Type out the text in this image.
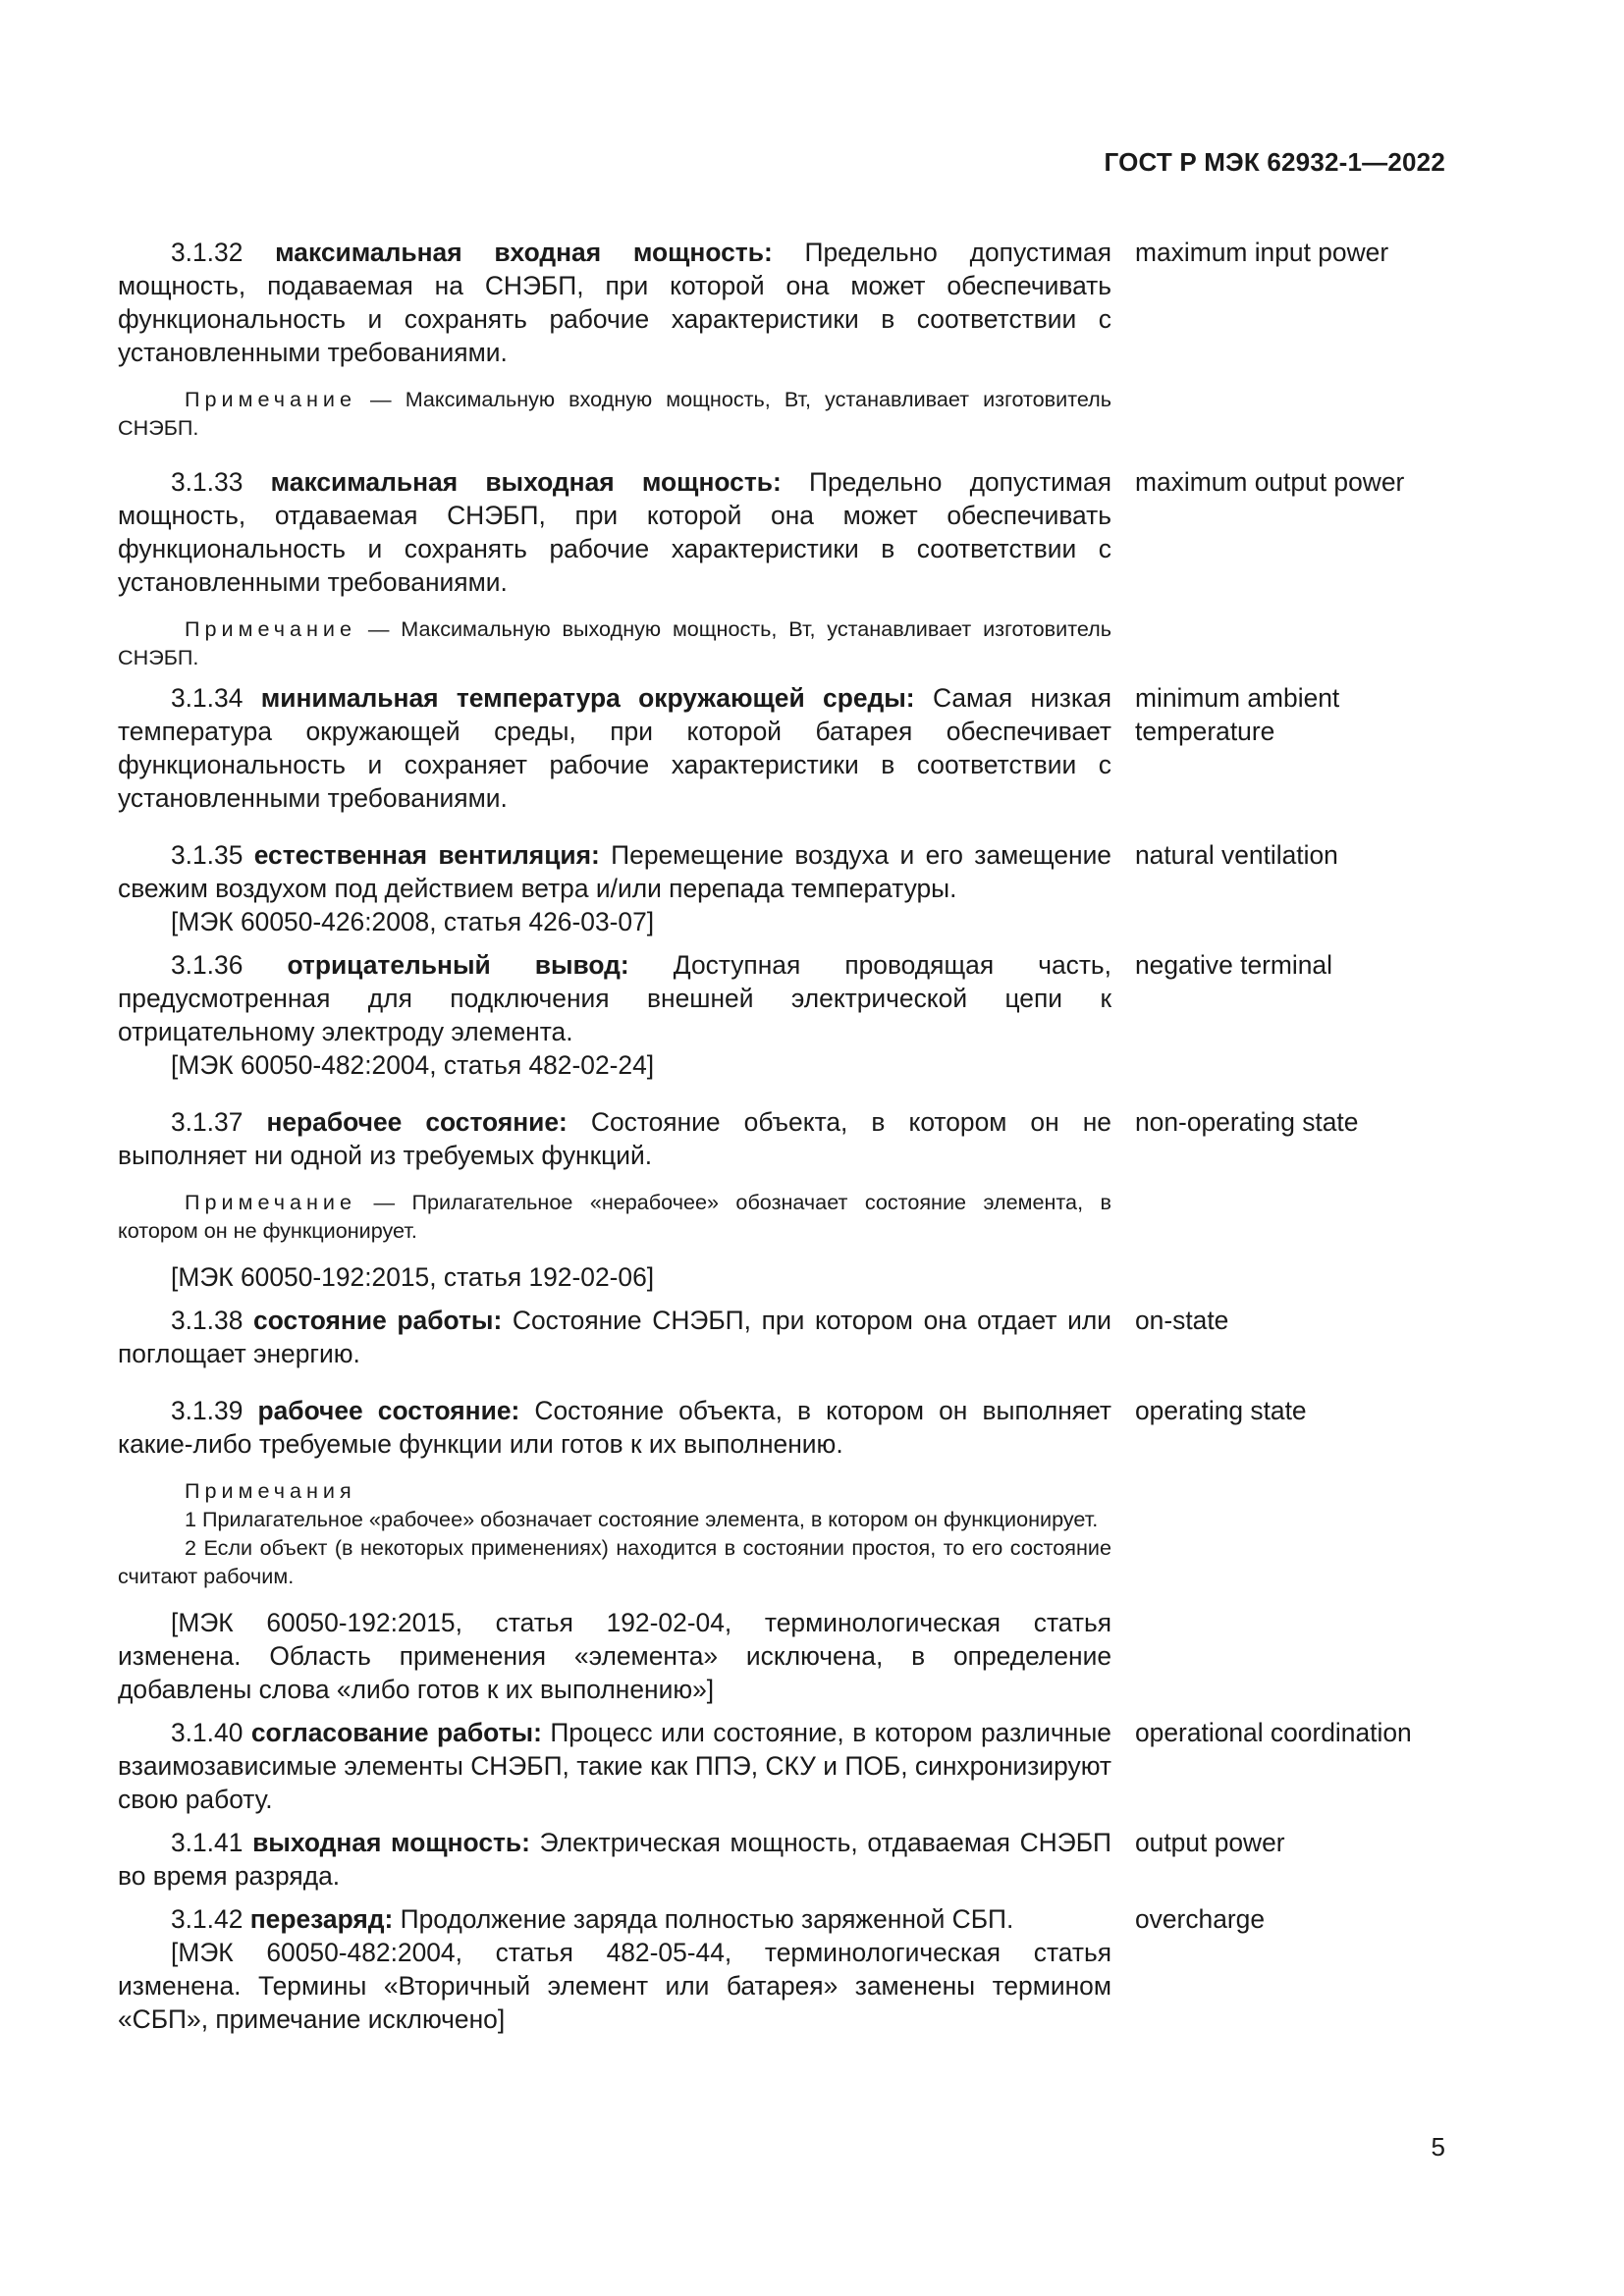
ГОСТ Р МЭК 62932-1—2022

3.1.32 максимальная входная мощность: Предельно допустимая мощность, подаваемая на СНЭБП, при которой она может обеспечивать функциональность и сохранять рабочие характеристики в соответствии с установленными требованиями.

maximum input power

Примечание — Максимальную входную мощность, Вт, устанавливает изготовитель СНЭБП.

3.1.33 максимальная выходная мощность: Предельно допустимая мощность, отдаваемая СНЭБП, при которой она может обеспечивать функциональность и сохранять рабочие характеристики в соответствии с установленными требованиями.

maximum output power

Примечание — Максимальную выходную мощность, Вт, устанавливает изготовитель СНЭБП.

3.1.34 минимальная температура окружающей среды: Самая низкая температура окружающей среды, при которой батарея обеспечивает функциональность и сохраняет рабочие характеристики в соответствии с установленными требованиями.

minimum ambient temperature

3.1.35 естественная вентиляция: Перемещение воздуха и его замещение свежим воздухом под действием ветра и/или перепада температуры.

[МЭК 60050-426:2008, статья 426-03-07]

natural ventilation

3.1.36 отрицательный вывод: Доступная проводящая часть, предусмотренная для подключения внешней электрической цепи к отрицательному электроду элемента.

[МЭК 60050-482:2004, статья 482-02-24]

negative terminal

3.1.37 нерабочее состояние: Состояние объекта, в котором он не выполняет ни одной из требуемых функций.

non-operating state

Примечание — Прилагательное «нерабочее» обозначает состояние элемента, в котором он не функционирует.

[МЭК 60050-192:2015, статья 192-02-06]

3.1.38 состояние работы: Состояние СНЭБП, при котором она отдает или поглощает энергию.

on-state

3.1.39 рабочее состояние: Состояние объекта, в котором он выполняет какие-либо требуемые функции или готов к их выполнению.

operating state
Примечания

1 Прилагательное «рабочее» обозначает состояние элемента, в котором он функционирует.

2 Если объект (в некоторых применениях) находится в состоянии простоя, то его состояние считают рабочим.

[МЭК 60050-192:2015, статья 192-02-04, терминологическая статья изменена. Область применения «элемента» исключена, в определение добавлены слова «либо готов к их выполнению»]

3.1.40 согласование работы: Процесс или состояние, в котором различные взаимозависимые элементы СНЭБП, такие как ППЭ, СКУ и ПОБ, синхронизируют свою работу.

operational coordination

3.1.41 выходная мощность: Электрическая мощность, отдаваемая СНЭБП во время разряда.

output power

3.1.42 перезаряд: Продолжение заряда полностью заряженной СБП.

[МЭК 60050-482:2004, статья 482-05-44, терминологическая статья изменена. Термины «Вторичный элемент или батарея» заменены термином «СБП», примечание исключено]

overcharge
5
